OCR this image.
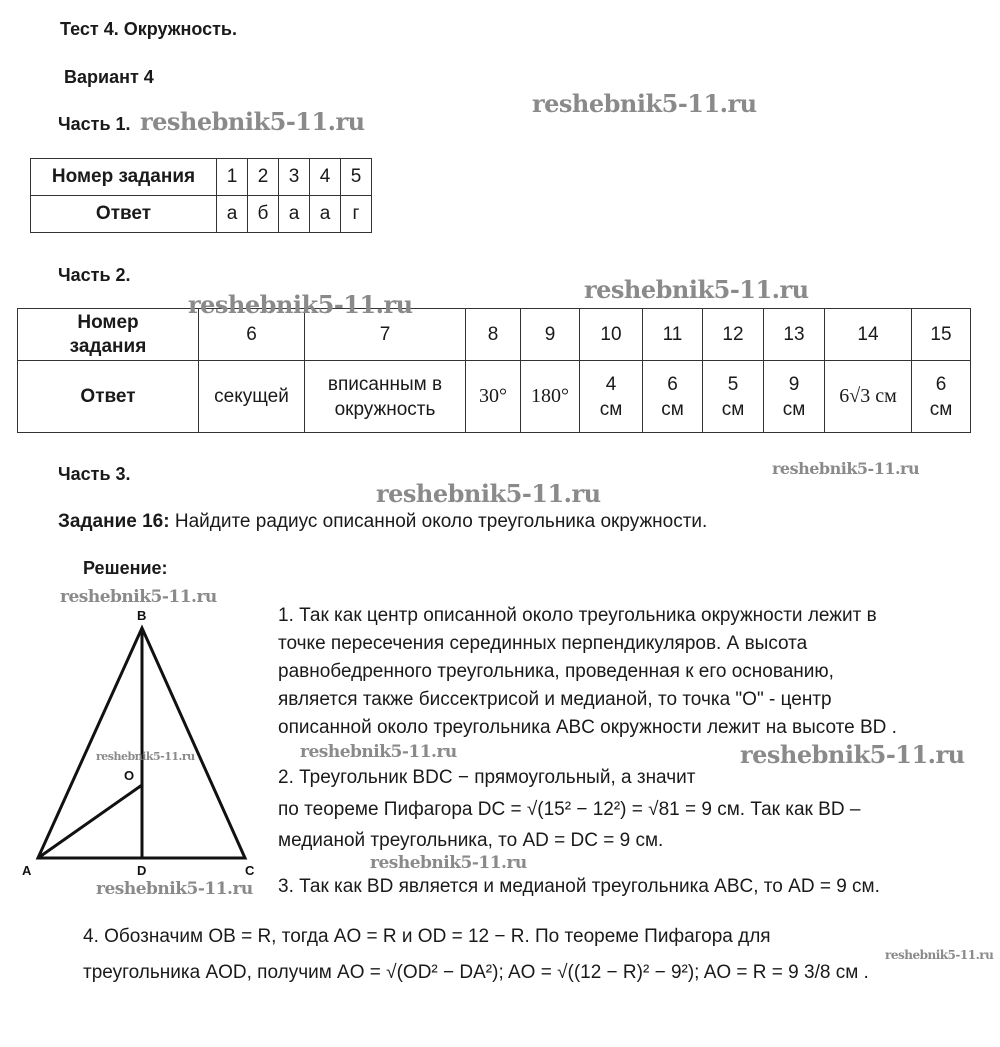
Тест 4. Окружность.
Вариант 4
Часть 1.
Номер задания	1	2	3	4	5
Ответ	а	б	а	а	г
Часть 2.
Номер задания	6	7	8	9	10	11	12	13	14	15
Ответ	секущей	вписанным в окружность	30°	180°	4 см	6 см	5 см	9 см	6√3 см	6 см
Часть 3.
Задание 16: Найдите радиус описанной около треугольника окружности.
Решение:
B
A	D	C
O
1. Так как центр описанной около треугольника окружности лежит в
точке пересечения серединных перпендикуляров. А высота
равнобедренного треугольника, проведенная к его основанию,
является также биссектрисой и медианой, то точка "O" - центр
описанной около треугольника ABC окружности лежит на высоте BD .
2. Треугольник BDC − прямоугольный, а значит
по теореме Пифагора DC = √(15² − 12²) = √81 = 9 см. Так как BD –
медианой треугольника, то AD = DC = 9 см.
3. Так как BD является и медианой треугольника ABC, то AD = 9 см.
4. Обозначим OB = R, тогда AO = R и OD = 12 − R. По теореме Пифагора для
треугольника AOD, получим AO = √(OD² − DA²); AO = √((12 − R)² − 9²); AO = R = 9 3/8 см .
reshebnik5-11.ru
reshebnik5-11.ru
reshebnik5-11.ru
reshebnik5-11.ru
reshebnik5-11.ru
reshebnik5-11.ru
reshebnik5-11.ru
reshebnik5-11.ru	reshebnik5-11.ru	reshebnik5-11.ru
reshebnik5-11.ru
reshebnik5-11.ru
reshebnik5-11.ru
